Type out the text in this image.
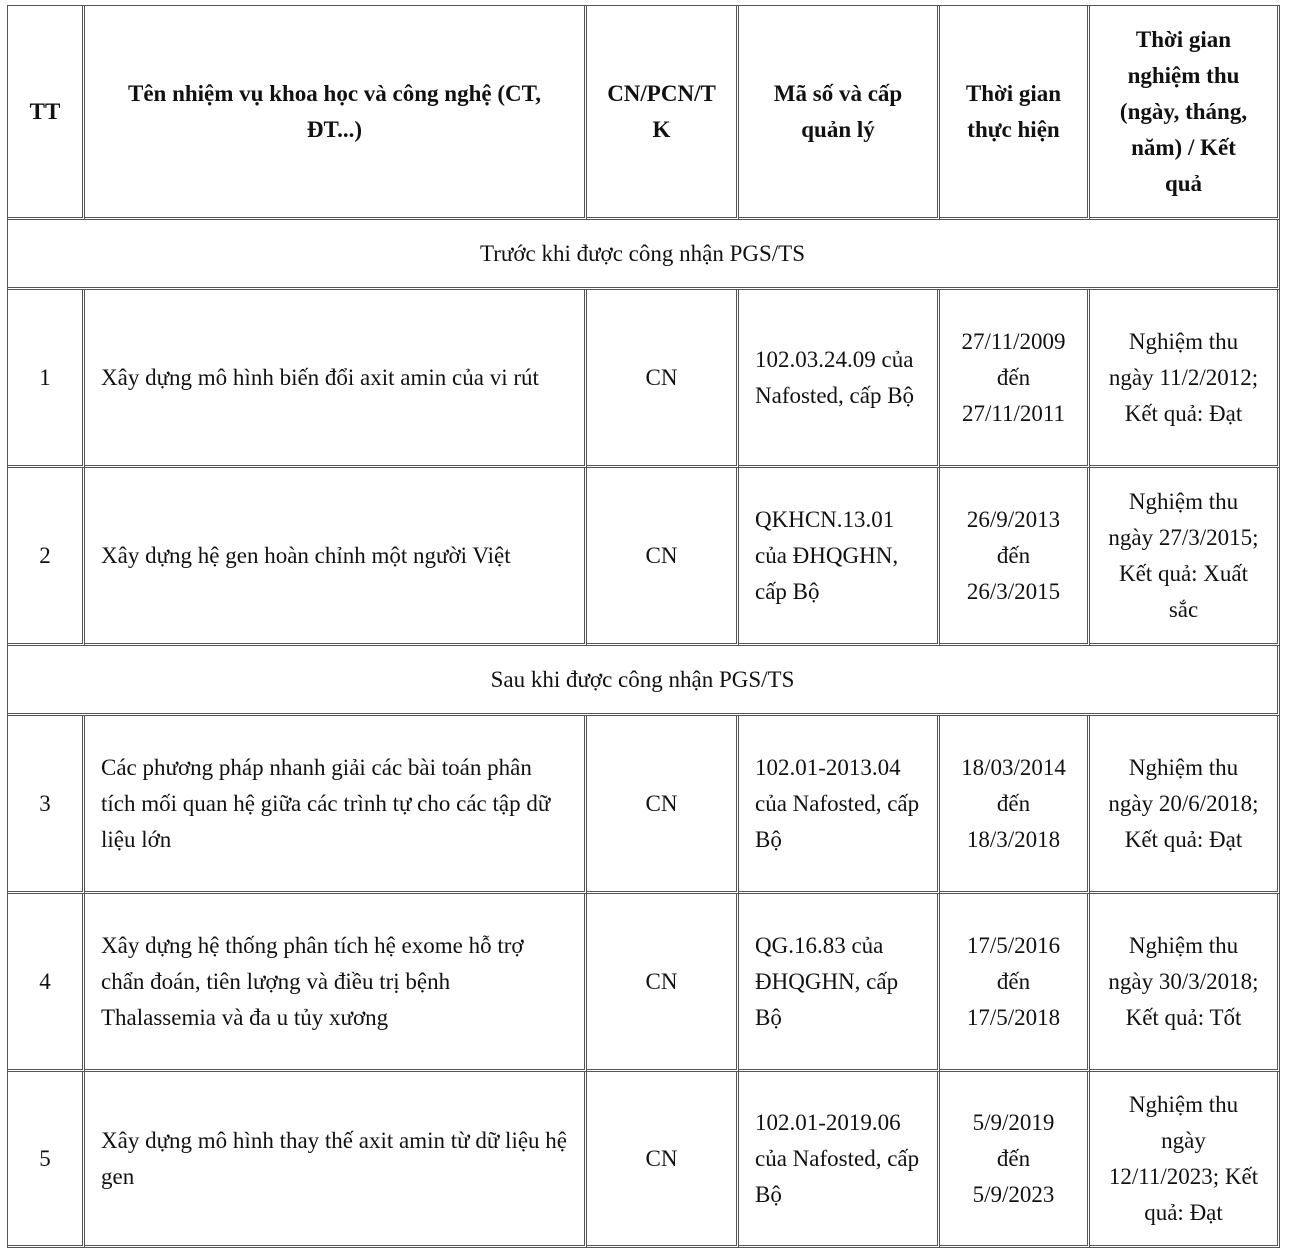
TT	Tên nhiệm vụ khoa học và công nghệ (CT, ĐT...)	CN/PCN/TK	Mã số và cấp quản lý	Thời gian thực hiện	Thời gian nghiệm thu (ngày, tháng, năm) / Kết quả
Trước khi được công nhận PGS/TS					
1	Xây dựng mô hình biến đổi axit amin của vi rút	CN	102.03.24.09 của Nafosted, cấp Bộ	27/11/2009 đến 27/11/2011	Nghiệm thu ngày 11/2/2012; Kết quả: Đạt
2	Xây dựng hệ gen hoàn chỉnh một người Việt	CN	QKHCN.13.01 của ĐHQGHN, cấp Bộ	26/9/2013 đến 26/3/2015	Nghiệm thu ngày 27/3/2015; Kết quả: Xuất sắc
Sau khi được công nhận PGS/TS					
3	Các phương pháp nhanh giải các bài toán phân tích mối quan hệ giữa các trình tự cho các tập dữ liệu lớn	CN	102.01-2013.04 của Nafosted, cấp Bộ	18/03/2014 đến 18/3/2018	Nghiệm thu ngày 20/6/2018; Kết quả: Đạt
4	Xây dựng hệ thống phân tích hệ exome hỗ trợ chẩn đoán, tiên lượng và điều trị bệnh Thalassemia và đa u tủy xương	CN	QG.16.83 của ĐHQGHN, cấp Bộ	17/5/2016 đến 17/5/2018	Nghiệm thu ngày 30/3/2018; Kết quả: Tốt
5	Xây dựng mô hình thay thế axit amin từ dữ liệu hệ gen	CN	102.01-2019.06 của Nafosted, cấp Bộ	5/9/2019 đến 5/9/2023	Nghiệm thu ngày 12/11/2023; Kết quả: Đạt
